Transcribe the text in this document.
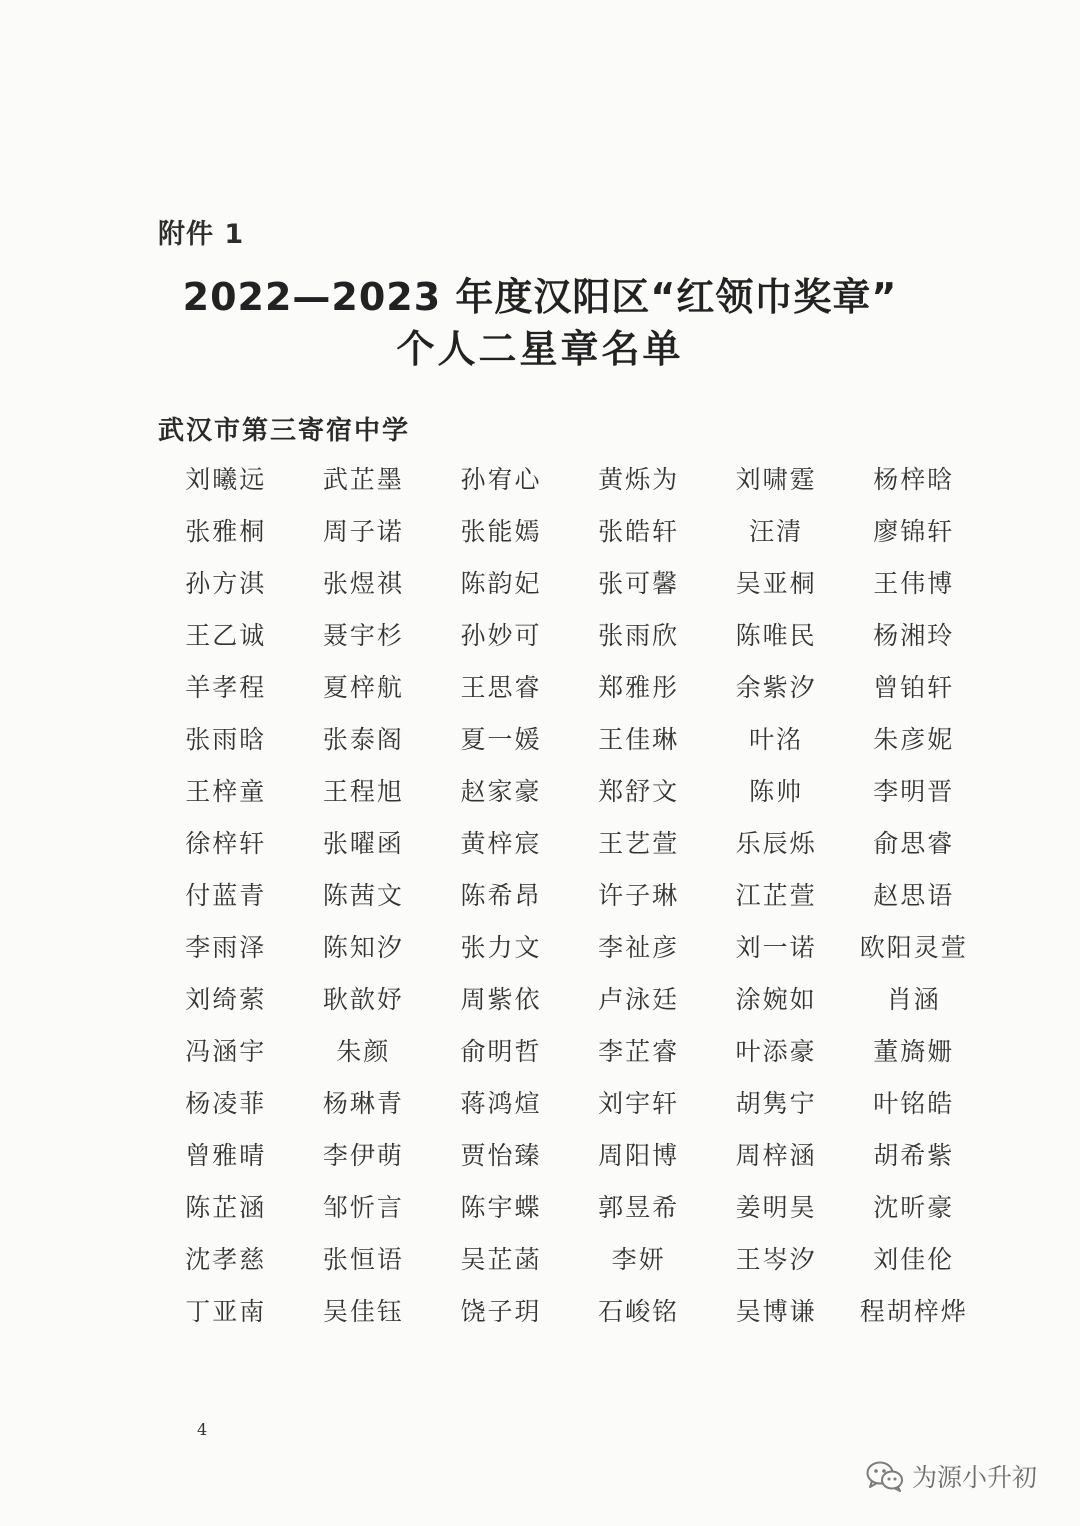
附件 1
2022—2023 年度汉阳区“红领巾奖章”
个人二星章名单
武汉市第三寄宿中学
刘曦远	武芷墨	孙宥心	黄烁为	刘啸霆	杨梓晗
张雅桐	周子诺	张能嫣	张皓轩	汪清	廖锦轩
孙方淇	张煜祺	陈韵妃	张可馨	吴亚桐	王伟博
王乙诚	聂宇杉	孙妙可	张雨欣	陈唯民	杨湘玲
羊孝程	夏梓航	王思睿	郑雅彤	余紫汐	曾铂轩
张雨晗	张泰阁	夏一媛	王佳琳	叶洺	朱彦妮
王梓童	王程旭	赵家豪	郑舒文	陈帅	李明晋
徐梓轩	张曜函	黄梓宸	王艺萱	乐辰烁	俞思睿
付蓝青	陈茜文	陈希昂	许子琳	江芷萱	赵思语
李雨泽	陈知汐	张力文	李祉彦	刘一诺	欧阳灵萱
刘绮萦	耿歆妤	周紫依	卢泳廷	涂婉如	肖涵
冯涵宇	朱颜	俞明哲	李芷睿	叶添豪	董旖姗
杨凌菲	杨琳青	蒋鸿煊	刘宇轩	胡隽宁	叶铭皓
曾雅晴	李伊萌	贾怡臻	周阳博	周梓涵	胡希紫
陈芷涵	邹忻言	陈宇蝶	郭昱希	姜明昊	沈昕豪
沈孝慈	张恒语	吴芷菡	李妍	王岑汐	刘佳伦
丁亚南	吴佳钰	饶子玥	石峻铭	吴博谦	程胡梓烨
4
为源小升初
